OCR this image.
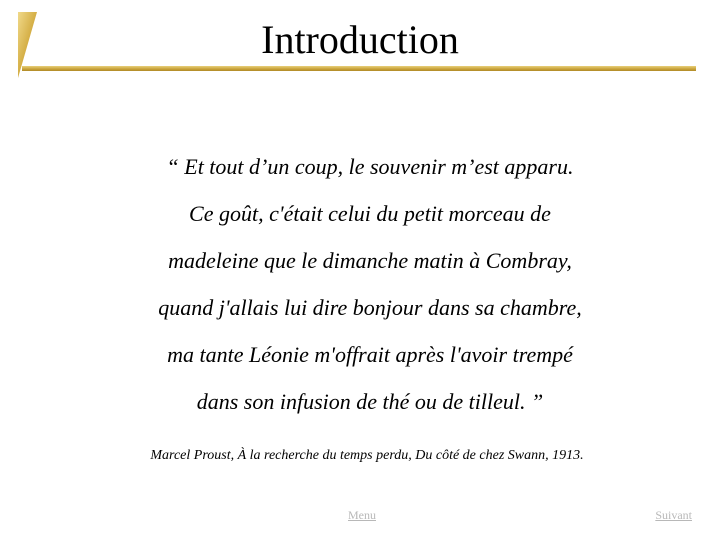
Introduction
“ Et tout d’un coup, le souvenir m’est apparu.
Ce goût, c'était celui du petit morceau de
madeleine que le dimanche matin à Combray,
quand j'allais lui dire bonjour dans sa chambre,
ma tante Léonie m'offrait après l'avoir trempé
dans son infusion de thé ou de tilleul. ”
Marcel Proust, À la recherche du temps perdu, Du côté de chez Swann, 1913.
Menu	Suivant
